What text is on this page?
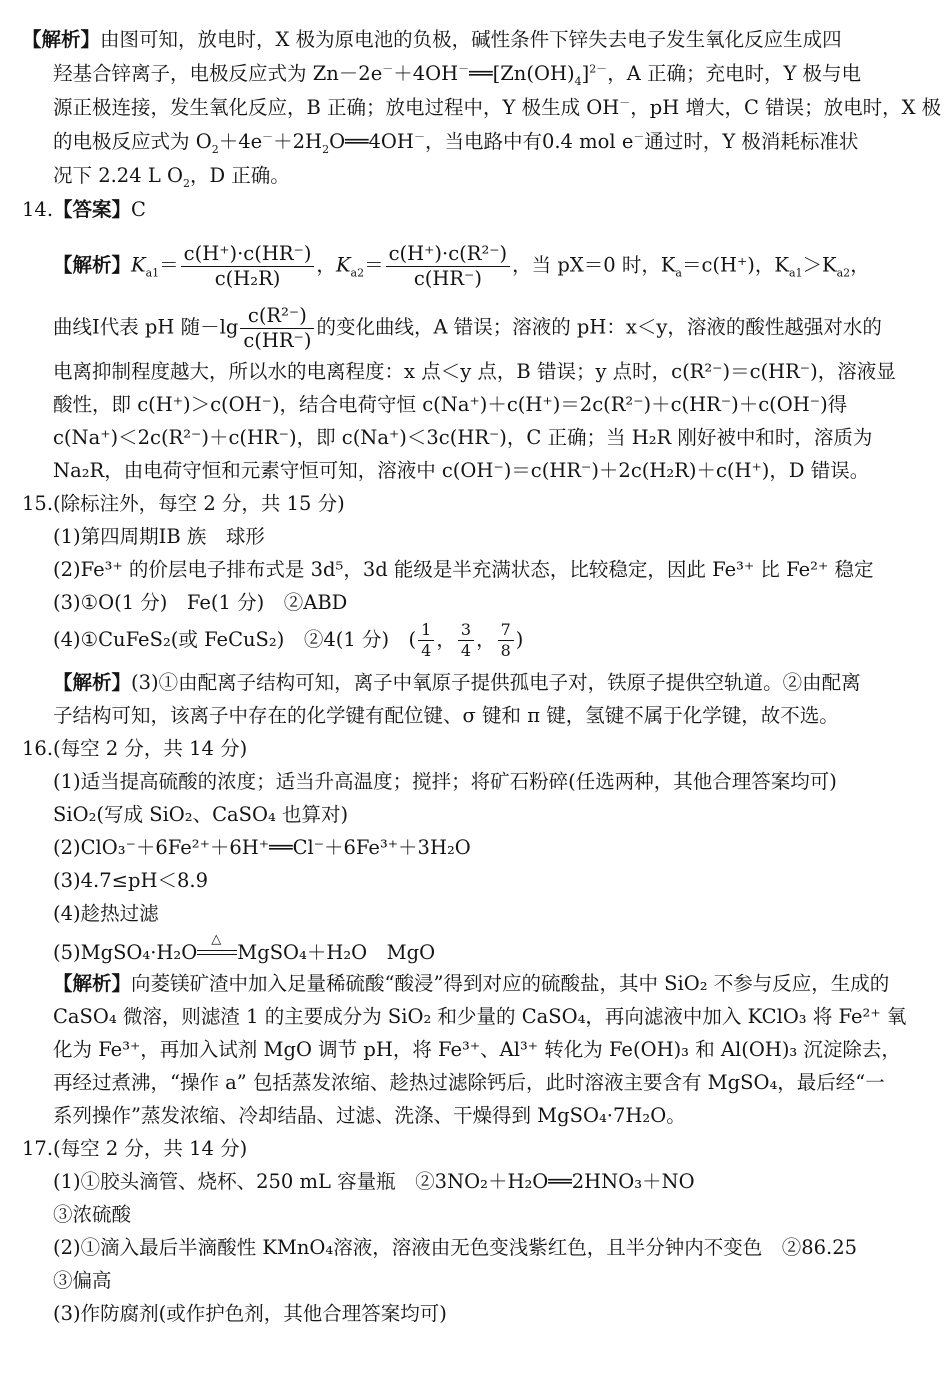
【解析】由图可知，放电时，X 极为原电池的负极，碱性条件下锌失去电子发生氧化反应生成四
羟基合锌离子，电极反应式为 $Zn-2e^-+4OH^-══[Zn(OH)_4]^{2-}$，A 正确；充电时，Y 极与电
源正极连接，发生氧化反应，B 正确；放电过程中，Y 极生成 OH－，pH 增大，C 错误；放电时，X 极
的电极反应式为 $O_2+4e^-+2H_2O══4OH^-$，当电路中有0.4 mol e－通过时，Y 极消耗标准状
况下 2.24 L $O_2$，D 正确。
14.【答案】C
【解析】$K_{a1}= \frac{c(H^+)\cdot c(HR^-)}{\text{c(H₂R)}}$ ，$K_{a2}= \frac{\text{c(H⁺)·c(R²⁻)}}{c(HR^-)}$ ，当 pX＝0 时，$K_a=c(H^+)$，$K_{a1}>K_{a2}$，
曲线Ⅰ代表 pH 随$-\lg \frac{\text{c(R²⁻)}}{c(HR^-)}$ 的变化曲线，A 错误；溶液的 pH：x＜y，溶液的酸性越强对水的
电离抑制程度越大，所以水的电离程度：x 点＜y 点，B 错误；y 点时，c(R²⁻)＝c(HR⁻)，溶液显
酸性，即 c(H⁺)＞c(OH⁻)，结合电荷守恒 c(Na⁺)＋c(H⁺)＝2c(R²⁻)＋c(HR⁻)＋c(OH⁻)得
c(Na⁺)＜2c(R²⁻)＋c(HR⁻)，即 c(Na⁺)＜3c(HR⁻)，C 正确；当 H₂R 刚好被中和时，溶质为
Na₂R，由电荷守恒和元素守恒可知，溶液中 c(OH⁻)＝c(HR⁻)＋2c(H₂R)＋c(H⁺)，D 错误。
15.(除标注外，每空 2 分，共 15 分)
(1)第四周期ⅠB 族　球形
(2)Fe³⁺ 的价层电子排布式是 3d⁵，3d 能级是半充满状态，比较稳定，因此 Fe³⁺ 比 Fe²⁺ 稳定
(3)①O(1 分)　Fe(1 分)　②ABD
(4)①CuFeS₂(或 FeCuS₂)　②4(1 分)　( $\frac{1}{4}$ ， $\frac{3}{4}$ ， $\frac{7}{8}$ )
【解析】(3)①由配离子结构可知，离子中氧原子提供孤电子对，铁原子提供空轨道。②由配离
子结构可知，该离子中存在的化学键有配位键、σ 键和 π 键，氢键不属于化学键，故不选。
16.(每空 2 分，共 14 分)
(1)适当提高硫酸的浓度；适当升高温度；搅拌；将矿石粉碎(任选两种，其他合理答案均可)
SiO₂(写成 SiO₂、CaSO₄ 也算对)
(2)ClO₃⁻＋6Fe²⁺＋6H⁺══Cl⁻＋6Fe³⁺＋3H₂O
(3)4.7≤pH＜8.9
(4)趁热过滤
(5)MgSO₄·H₂O
△
MgSO₄＋H₂O　MgO
【解析】向菱镁矿渣中加入足量稀硫酸“酸浸”得到对应的硫酸盐，其中 SiO₂ 不参与反应，生成的
CaSO₄ 微溶，则滤渣 1 的主要成分为 SiO₂ 和少量的 CaSO₄，再向滤液中加入 KClO₃ 将 Fe²⁺ 氧
化为 Fe³⁺，再加入试剂 MgO 调节 pH，将 Fe³⁺、Al³⁺ 转化为 Fe(OH)₃ 和 Al(OH)₃ 沉淀除去，
再经过煮沸，“操作 a” 包括蒸发浓缩、趁热过滤除钙后，此时溶液主要含有 MgSO₄，最后经“一
系列操作”蒸发浓缩、冷却结晶、过滤、洗涤、干燥得到 MgSO₄·7H₂O。
17.(每空 2 分，共 14 分)
(1)①胶头滴管、烧杯、250 mL 容量瓶　②3NO₂＋H₂O══2HNO₃＋NO
③浓硫酸
(2)①滴入最后半滴酸性 KMnO₄溶液，溶液由无色变浅紫红色，且半分钟内不变色　②86.25
③偏高
(3)作防腐剂(或作护色剂，其他合理答案均可)
